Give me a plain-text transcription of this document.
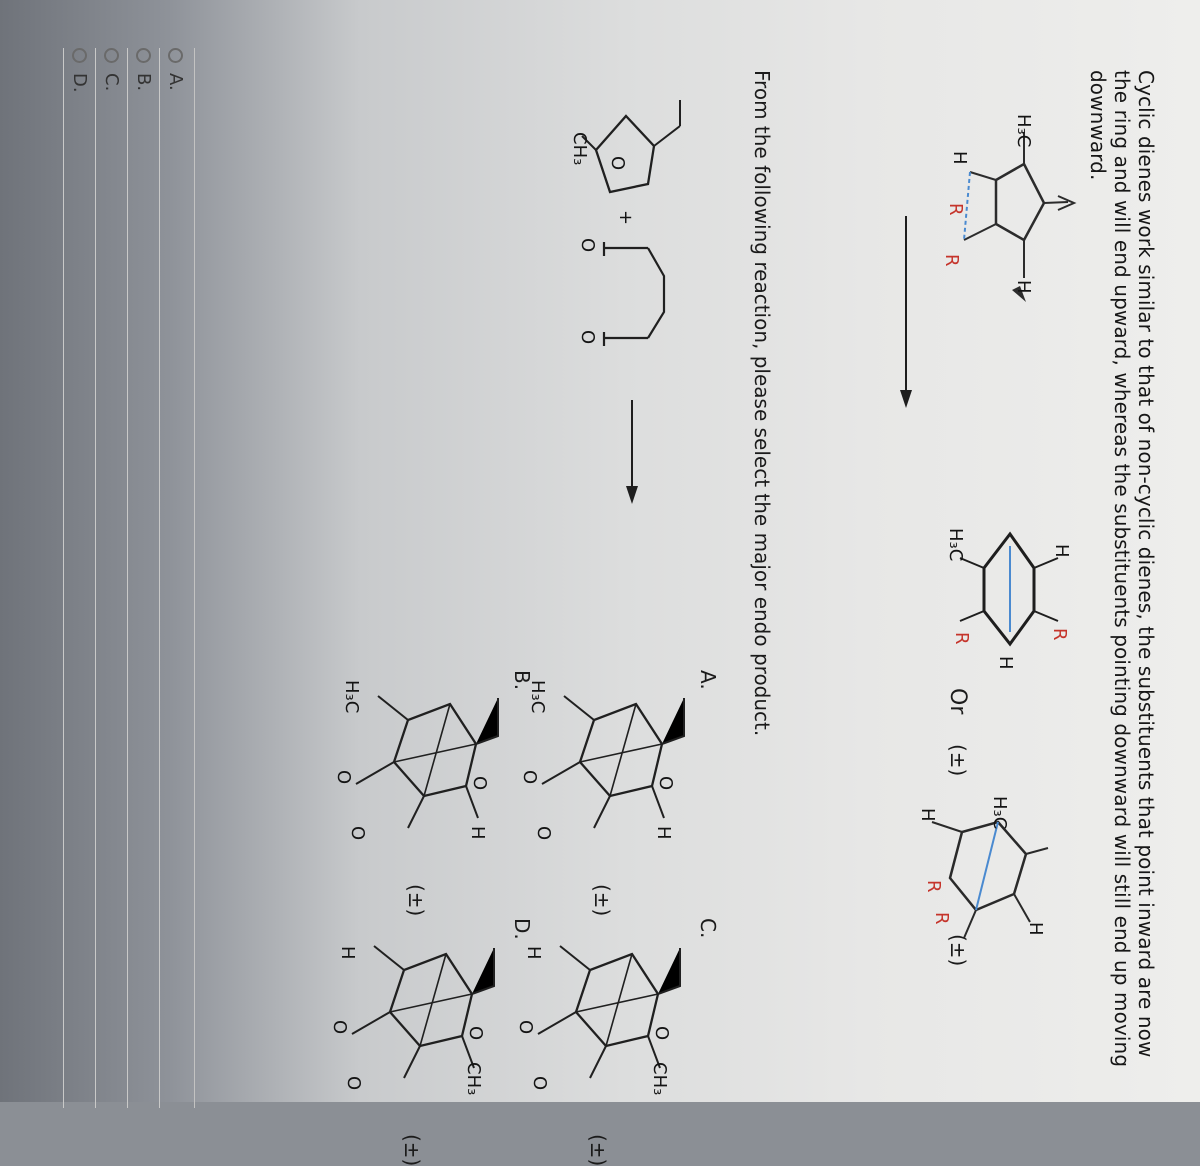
Cyclic dienes work similar to that of non-cyclic dienes, the substituents that point inward are now the ring and will end upward, whereas the substituents pointing downward will still end up moving downward.
H₃C
H
H
R
R
H
H₃C
R
R
H
Or
(±)
(±)
H₃C
H
H
R
R
From the following reaction, please select the major endo product.
O
CH₃
+
O
O
A.
O
H
H₃C
O
O
(±)
C.
O
CH₃
H
O
O
(±)
B.
O
H
H₃C
O
O
(±)
D.
O
CH₃
H
O
O
(±)
A.
B.
C.
D.
